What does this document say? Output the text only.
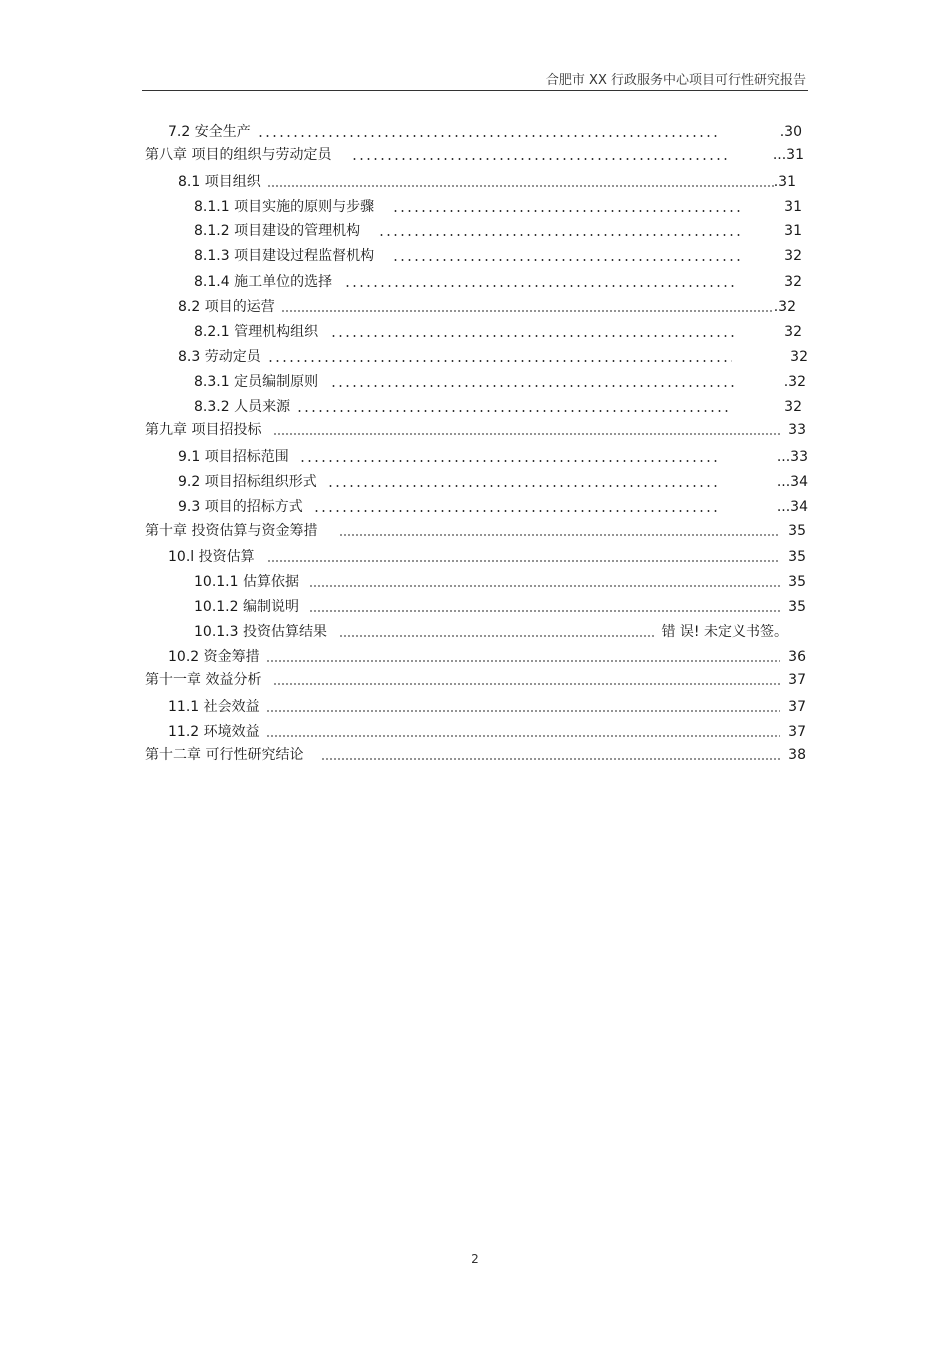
合肥市 XX 行政服务中心项目可行性研究报告
7.2 安全生产	.30
第八章 项目的组织与劳动定员	...31
8.1 项目组织	.31
8.1.1 项目实施的原则与步骤	31
8.1.2 项目建设的管理机构	31
8.1.3 项目建设过程监督机构	32
8.1.4 施工单位的选择	32
8.2 项目的运营	.32
8.2.1 管理机构组织	32
8.3 劳动定员	32
8.3.1 定员编制原则	.32
8.3.2 人员来源	32
第九章 项目招投标	33
9.1 项目招标范围	...33
9.2 项目招标组织形式	...34
9.3 项目的招标方式	...34
第十章 投资估算与资金筹措	35
10.l 投资估算	35
10.1.1 估算依据	35
10.1.2 编制说明	35
10.1.3 投资估算结果	错 误! 未定义书签。
10.2 资金筹措	36
第十一章 效益分析	37
11.1 社会效益	37
11.2 环境效益	37
第十二章 可行性研究结论	38
2
